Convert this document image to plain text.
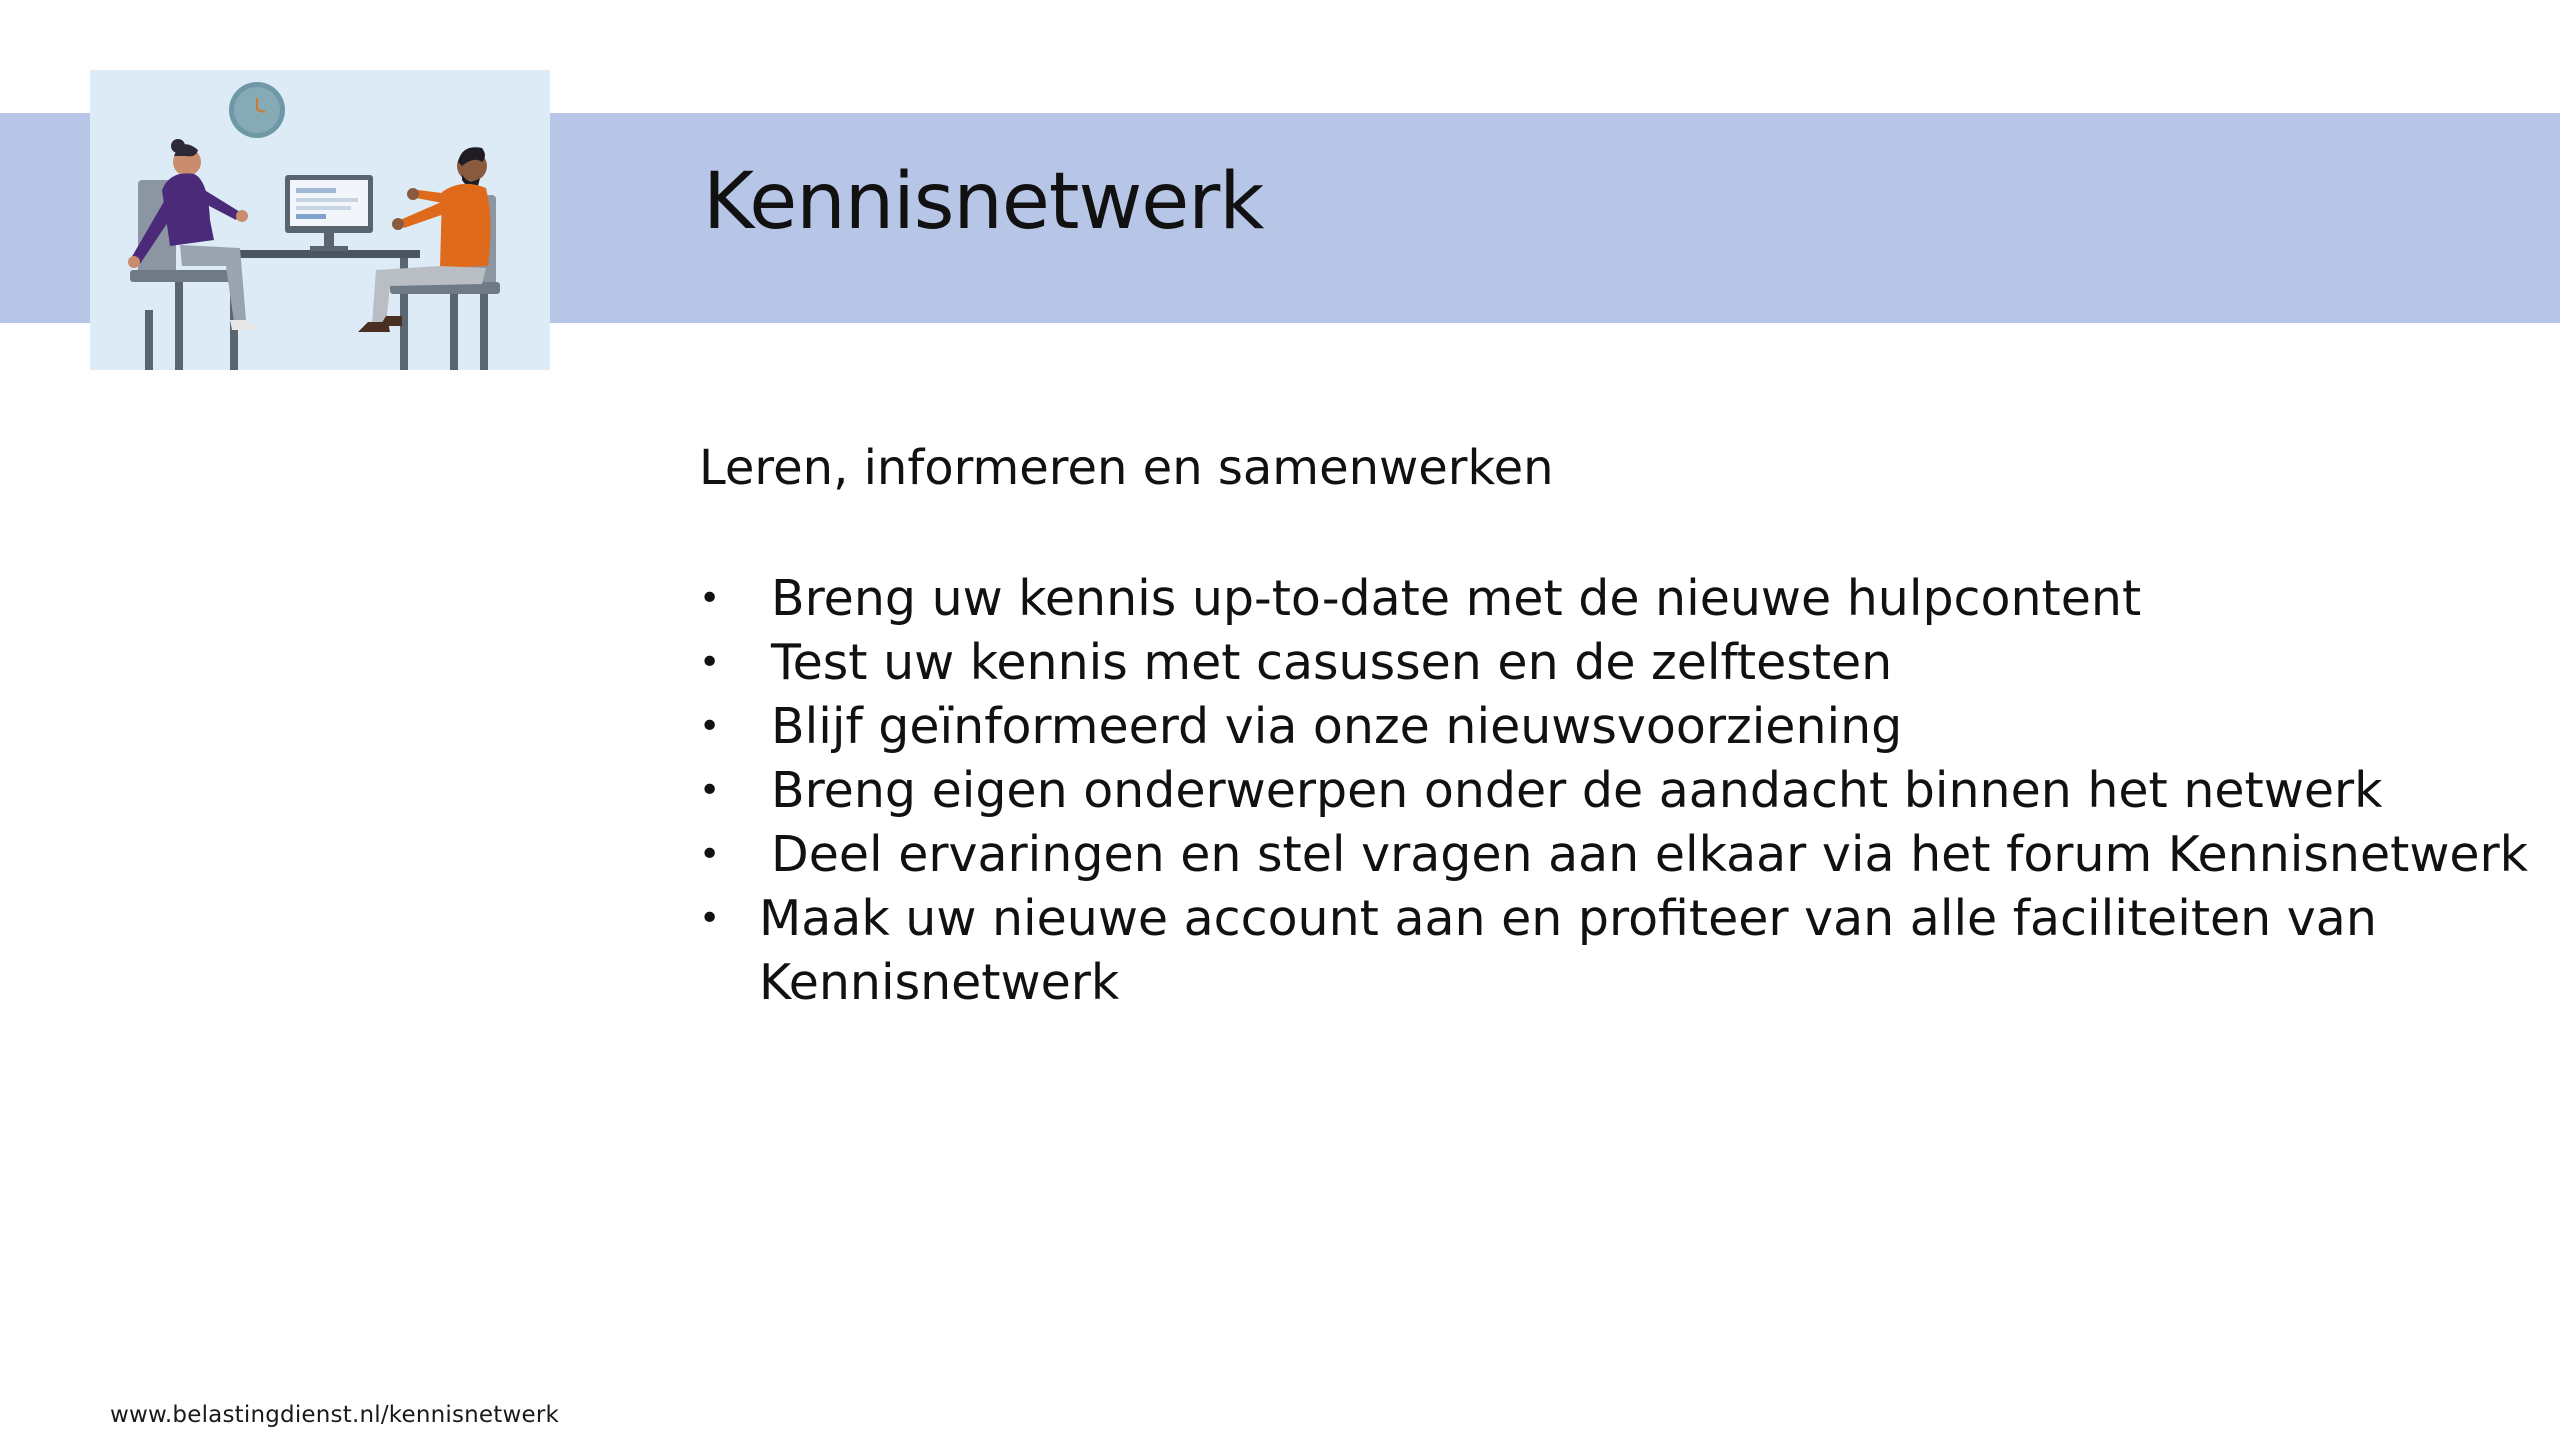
Kennisnetwerk

Leren, informeren en samenwerken

• Breng uw kennis up-to-date met de nieuwe hulpcontent
• Test uw kennis met casussen en de zelftesten
• Blijf geïnformeerd via onze nieuwsvoorziening
• Breng eigen onderwerpen onder de aandacht binnen het netwerk
• Deel ervaringen en stel vragen aan elkaar via het forum Kennisnetwerk
• Maak uw nieuwe account aan en profiteer van alle faciliteiten van Kennisnetwerk
www.belastingdienst.nl/kennisnetwerk
